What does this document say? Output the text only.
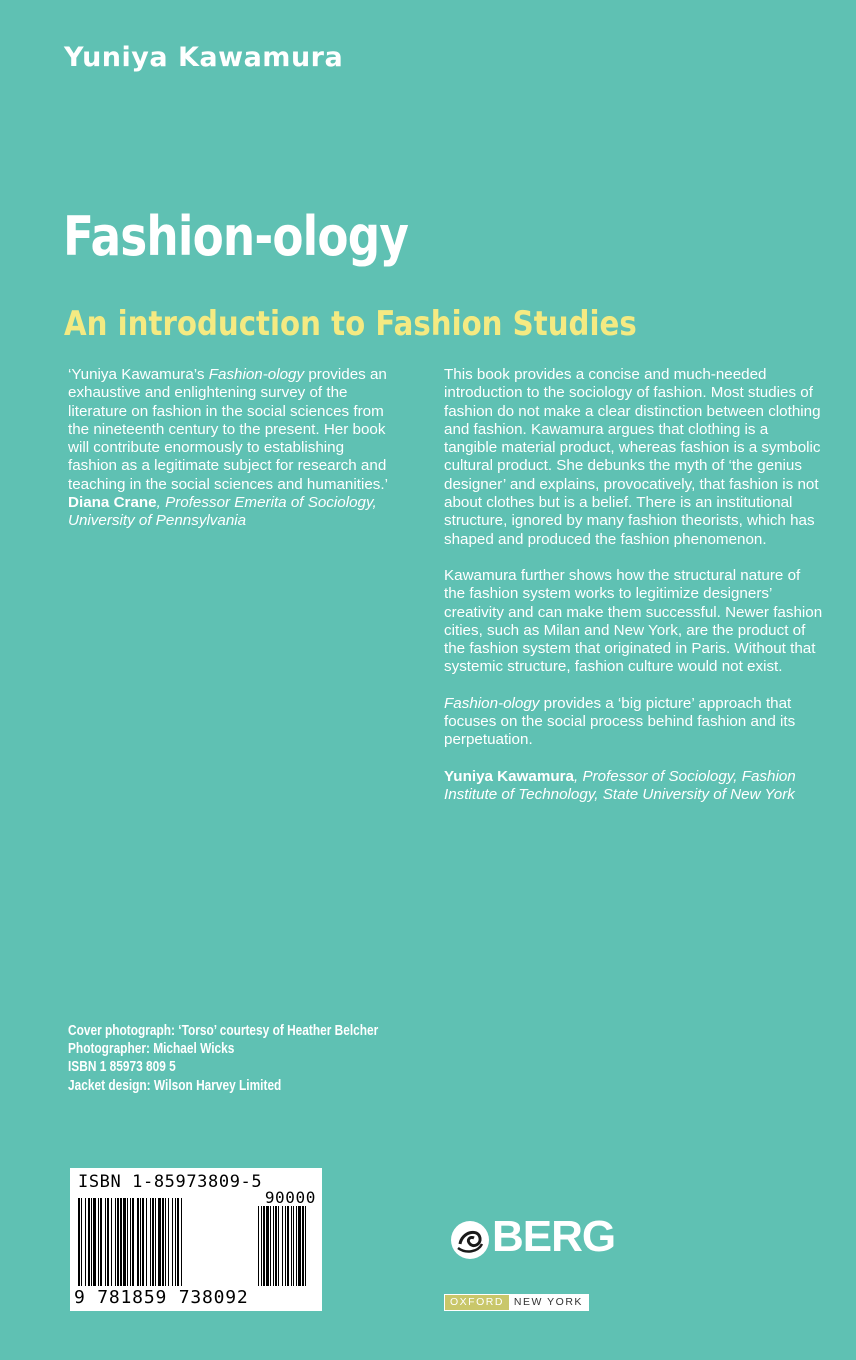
Yuniya Kawamura
Fashion-ology
An introduction to Fashion Studies

‘Yuniya Kawamura’s Fashion-ology provides an exhaustive and enlightening survey of the literature on fashion in the social sciences from the nineteenth century to the present. Her book will contribute enormously to establishing fashion as a legitimate subject for research and teaching in the social sciences and humanities.’

Diana Crane, Professor Emerita of Sociology, University of Pennsylvania

This book provides a concise and much-needed introduction to the sociology of fashion. Most studies of fashion do not make a clear distinction between clothing and fashion. Kawamura argues that clothing is a tangible material product, whereas fashion is a symbolic cultural product. She debunks the myth of ‘the genius designer’ and explains, provocatively, that fashion is not about clothes but is a belief. There is an institutional structure, ignored by many fashion theorists, which has shaped and produced the fashion phenomenon.

Kawamura further shows how the structural nature of the fashion system works to legitimize designers’ creativity and can make them successful. Newer fashion cities, such as Milan and New York, are the product of the fashion system that originated in Paris. Without that systemic structure, fashion culture would not exist.

Fashion-ology provides a ‘big picture’ approach that focuses on the social process behind fashion and its perpetuation.

Yuniya Kawamura, Professor of Sociology, Fashion Institute of Technology, State University of New York

Cover photograph: ‘Torso’ courtesy of Heather Belcher
Photographer: Michael Wicks
ISBN 1 85973 809 5
Jacket design: Wilson Harvey Limited
ISBN 1-85973809-5
90000
9 781859 738092
BERG
OXFORD NEW YORK
